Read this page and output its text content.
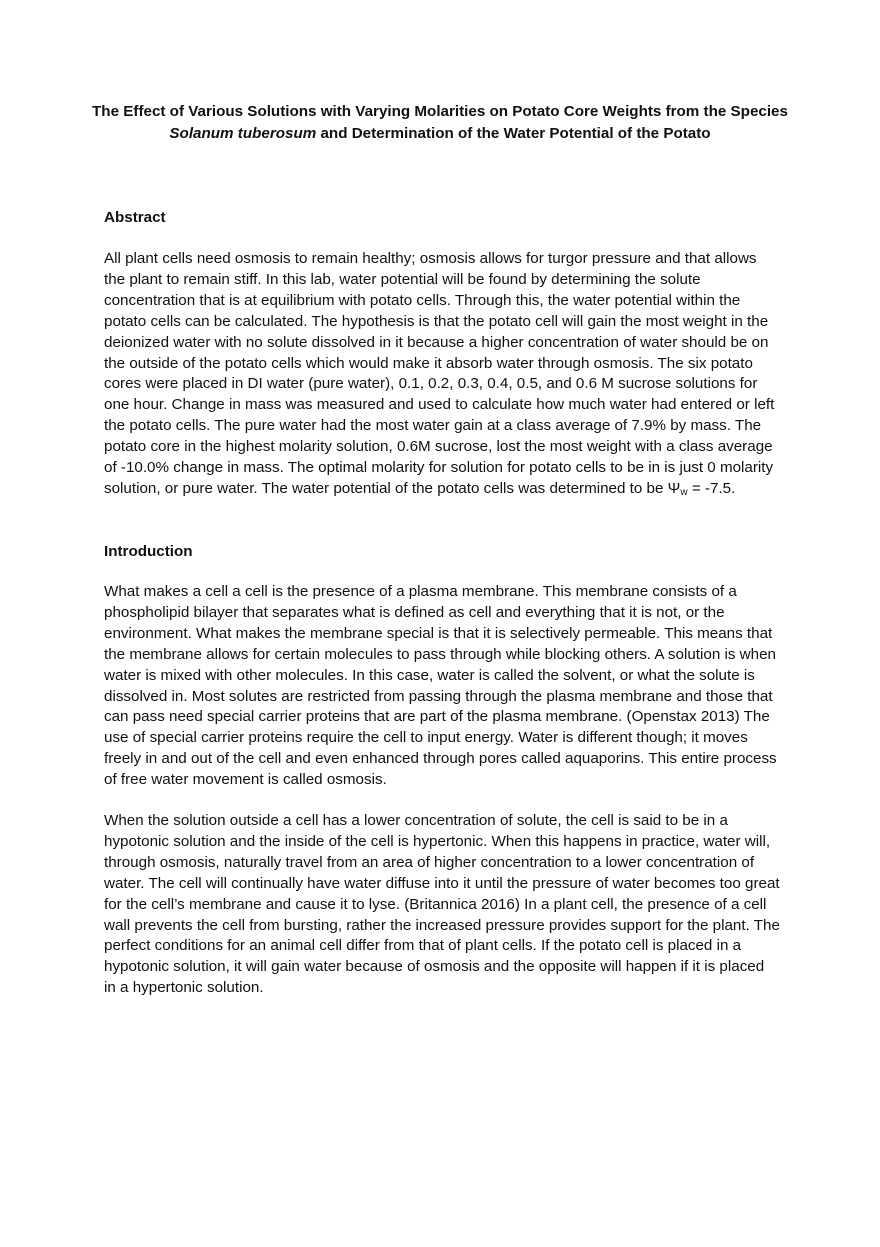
The Effect of Various Solutions with Varying Molarities on Potato Core Weights from the Species Solanum tuberosum and Determination of the Water Potential of the Potato
Abstract

All plant cells need osmosis to remain healthy; osmosis allows for turgor pressure and that allows the plant to remain stiff. In this lab, water potential will be found by determining the solute concentration that is at equilibrium with potato cells. Through this, the water potential within the potato cells can be calculated. The hypothesis is that the potato cell will gain the most weight in the deionized water with no solute dissolved in it because a higher concentration of water should be on the outside of the potato cells which would make it absorb water through osmosis. The six potato cores were placed in DI water (pure water), 0.1, 0.2, 0.3, 0.4, 0.5, and 0.6 M sucrose solutions for one hour. Change in mass was measured and used to calculate how much water had entered or left the potato cells. The pure water had the most water gain at a class average of 7.9% by mass. The potato core in the highest molarity solution, 0.6M sucrose, lost the most weight with a class average of -10.0% change in mass. The optimal molarity for solution for potato cells to be in is just 0 molarity solution, or pure water. The water potential of the potato cells was determined to be $\Psi_w = -7.5$.

Introduction

What makes a cell a cell is the presence of a plasma membrane. This membrane consists of a phospholipid bilayer that separates what is defined as cell and everything that it is not, or the environment. What makes the membrane special is that it is selectively permeable. This means that the membrane allows for certain molecules to pass through while blocking others. A solution is when water is mixed with other molecules. In this case, water is called the solvent, or what the solute is dissolved in. Most solutes are restricted from passing through the plasma membrane and those that can pass need special carrier proteins that are part of the plasma membrane. (Openstax 2013) The use of special carrier proteins require the cell to input energy. Water is different though; it moves freely in and out of the cell and even enhanced through pores called aquaporins. This entire process of free water movement is called osmosis.

When the solution outside a cell has a lower concentration of solute, the cell is said to be in a hypotonic solution and the inside of the cell is hypertonic. When this happens in practice, water will, through osmosis, naturally travel from an area of higher concentration to a lower concentration of water. The cell will continually have water diffuse into it until the pressure of water becomes too great for the cell’s membrane and cause it to lyse. (Britannica 2016) In a plant cell, the presence of a cell wall prevents the cell from bursting, rather the increased pressure provides support for the plant. The perfect conditions for an animal cell differ from that of plant cells. If the potato cell is placed in a hypotonic solution, it will gain water because of osmosis and the opposite will happen if it is placed in a hypertonic solution.
